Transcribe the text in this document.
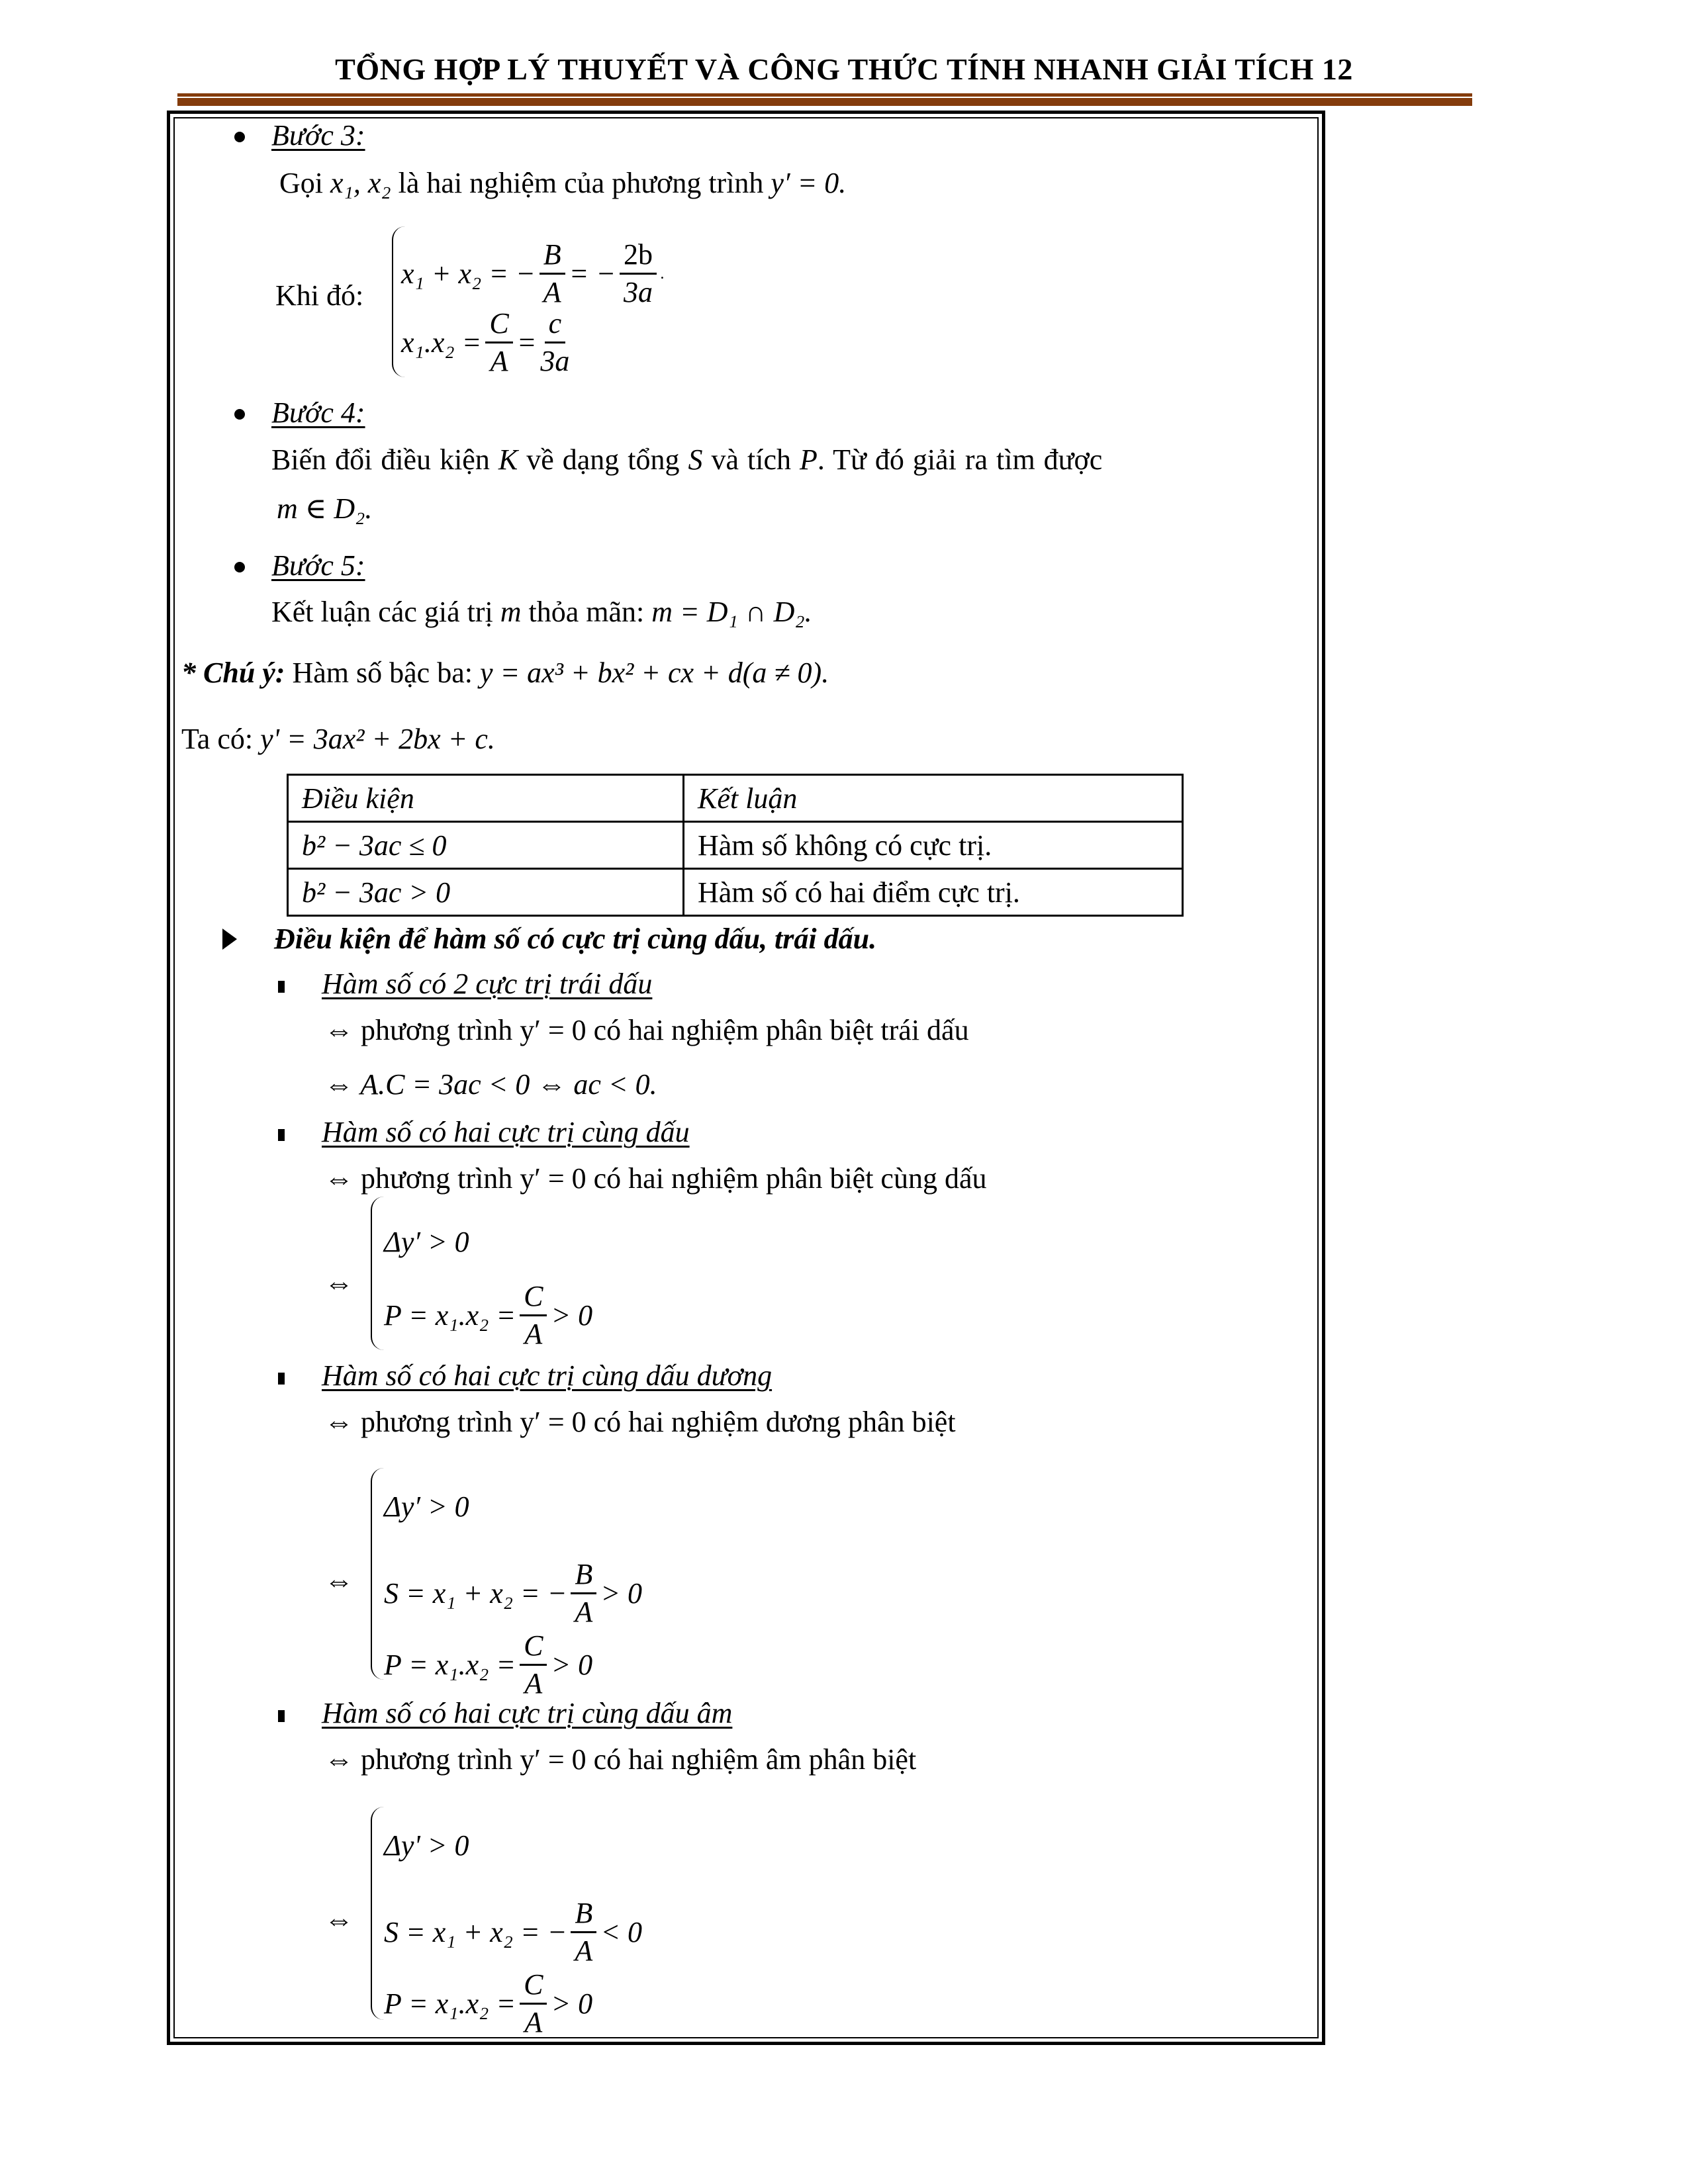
TỔNG HỢP LÝ THUYẾT VÀ CÔNG THỨC TÍNH NHANH GIẢI TÍCH 12
Bước 3:
Gọi x₁, x₂ là hai nghiệm của phương trình y′ = 0.
Khi đó:
x₁ + x₂ = − $\frac{B}{A}$ = − $\frac{2b}{3a}$ .
$x_1.x_2 = \frac{C}{A} = \frac{c}{3a}$
Bước 4:
Biến đổi điều kiện K về dạng tổng S và tích P. Từ đó giải ra tìm được
m ∈ D₂.
Bước 5:
Kết luận các giá trị m thỏa mãn: m = D₁ ∩ D₂.
* Chú ý: Hàm số bậc ba: y = ax³ + bx² + cx + d(a ≠ 0).
Ta có: y' = 3ax² + 2bx + c.
Điều kiện	Kết luận
b² − 3ac ≤ 0	Hàm số không có cực trị.
b² − 3ac > 0	Hàm số có hai điểm cực trị.
Điều kiện để hàm số có cực trị cùng dấu, trái dấu.
Hàm số có 2 cực trị trái dấu
⇔ phương trình y′ = 0 có hai nghiệm phân biệt trái dấu
⇔ A.C = 3ac < 0 ⇔ ac < 0.
Hàm số có hai cực trị cùng dấu
⇔ phương trình y′ = 0 có hai nghiệm phân biệt cùng dấu
⇔
Δy′ > 0
$P = x_1.x_2 = \frac{C}{A} > 0$
Hàm số có hai cực trị cùng dấu dương
⇔ phương trình y′ = 0 có hai nghiệm dương phân biệt
⇔
Δy′ > 0
S = x₁ + x₂ = − $\frac{B}{A} > 0$
$P = x_1.x_2 = \frac{C}{A} > 0$
Hàm số có hai cực trị cùng dấu âm
⇔ phương trình y′ = 0 có hai nghiệm âm phân biệt
⇔
Δy' > 0
S = x₁ + x₂ = − $\frac{B}{A} < 0$
$P = x_1.x_2 = \frac{C}{A} > 0$
